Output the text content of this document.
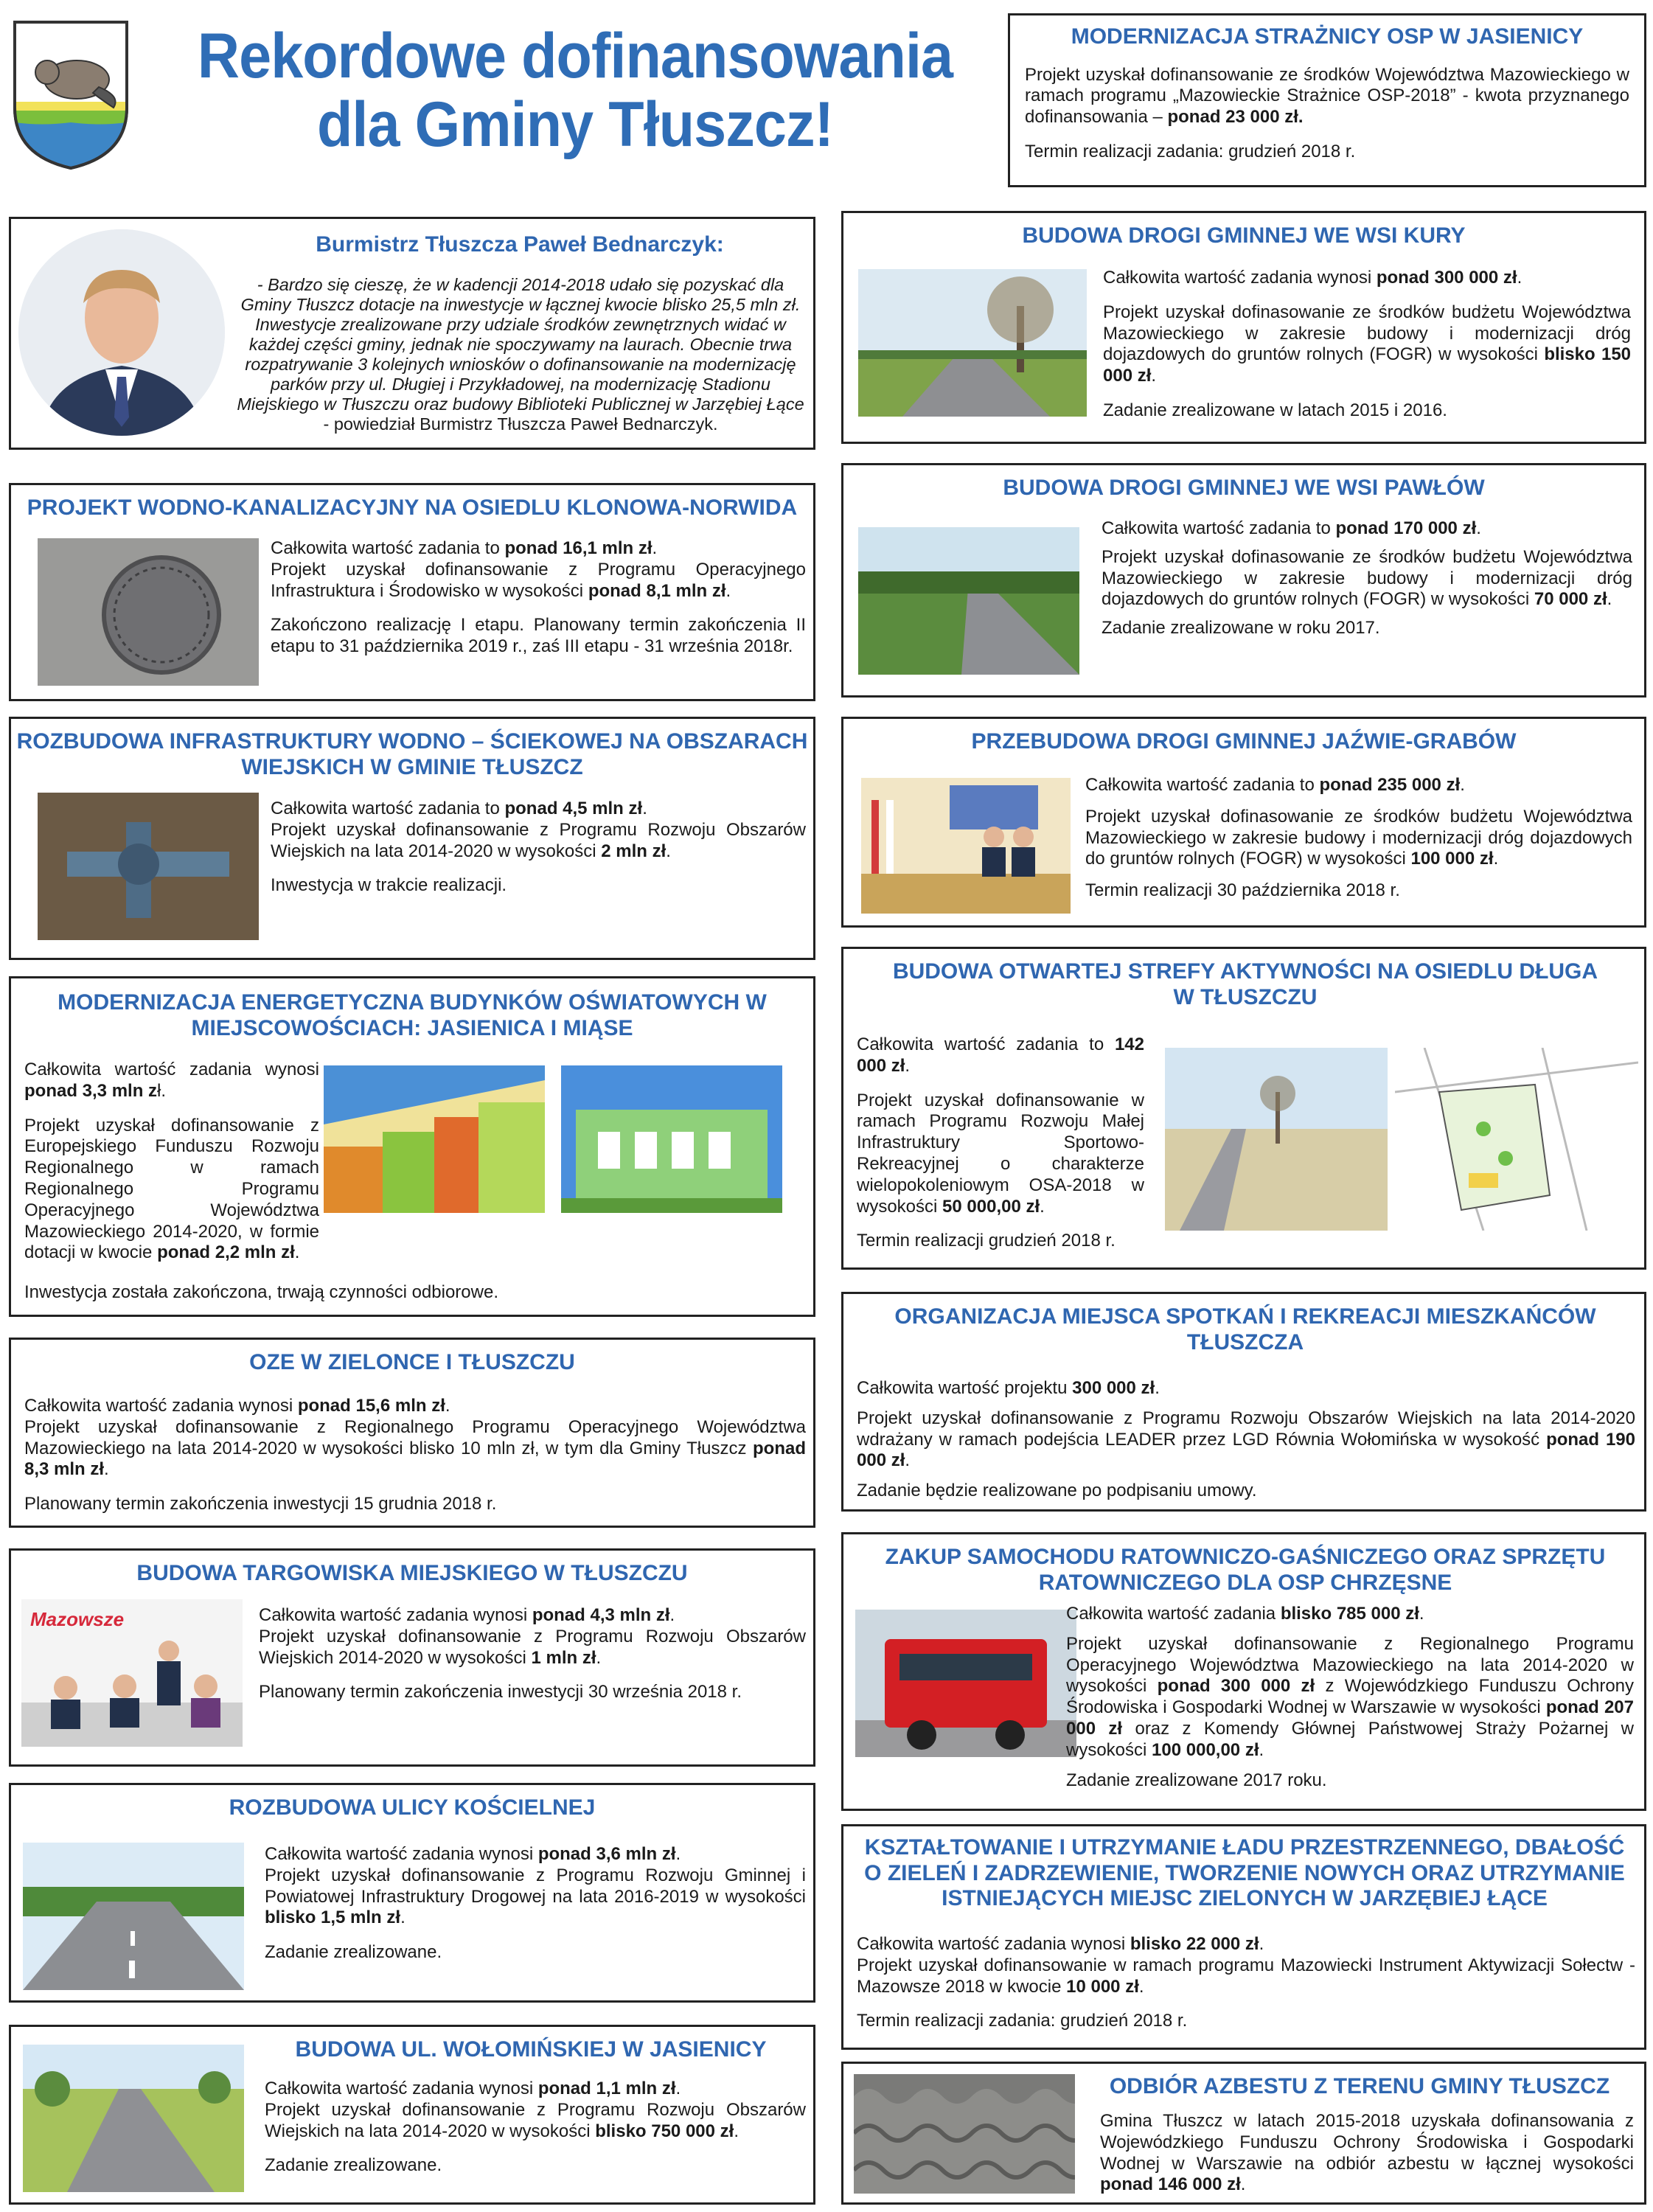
Rekordowe dofinansowania
dla Gminy Tłuszcz!
MODERNIZACJA STRAŻNICY OSP W JASIENICY

Projekt uzyskał dofinansowanie ze środków Województwa Mazowieckiego w ramach programu „Mazowieckie Strażnice OSP-2018” - kwota przyznanego dofinansowania – ponad 23 000 zł.

Termin realizacji zadania: grudzień 2018 r.

Burmistrz Tłuszcza Paweł Bednarczyk:
- Bardzo się cieszę, że w kadencji 2014-2018 udało się pozyskać dla Gminy Tłuszcz dotacje na inwestycje w łącznej kwocie blisko 25,5 mln zł. Inwestycje zrealizowane przy udziale środków zewnętrznych widać w każdej części gminy, jednak nie spoczywamy na laurach. Obecnie trwa rozpatrywanie 3 kolejnych wniosków o dofinansowanie na modernizację parków przy ul. Długiej i Przykładowej, na modernizację Stadionu Miejskiego w Tłuszczu oraz budowy Biblioteki Publicznej w Jarzębiej Łące - powiedział Burmistrz Tłuszcza Paweł Bednarczyk.
BUDOWA DROGI GMINNEJ WE WSI KURY

Całkowita wartość zadania wynosi ponad 300 000 zł.

Projekt uzyskał dofinasowanie ze środków budżetu Województwa Mazowieckiego w zakresie budowy i modernizacji dróg dojazdowych do gruntów rolnych (FOGR) w wysokości blisko 150 000 zł.

Zadanie zrealizowane w latach 2015 i 2016.

PROJEKT WODNO-KANALIZACYJNY NA OSIEDLU KLONOWA-NORWIDA

Całkowita wartość zadania to ponad 16,1 mln zł.
Projekt uzyskał dofinansowanie z Programu Operacyjnego Infrastruktura i Środowisko w wysokości ponad 8,1 mln zł.

Zakończono realizację I etapu. Planowany termin zakończenia II etapu to 31 października 2019 r., zaś III etapu - 31 września 2018r.

BUDOWA DROGI GMINNEJ WE WSI PAWŁÓW

Całkowita wartość zadania to ponad 170 000 zł.

Projekt uzyskał dofinasowanie ze środków budżetu Województwa Mazowieckiego w zakresie budowy i modernizacji dróg dojazdowych do gruntów rolnych (FOGR) w wysokości 70 000 zł.

Zadanie zrealizowane w roku 2017.

ROZBUDOWA INFRASTRUKTURY WODNO – ŚCIEKOWEJ NA OBSZARACH WIEJSKICH W GMINIE TŁUSZCZ

Całkowita wartość zadania to ponad 4,5 mln zł.
Projekt uzyskał dofinansowanie z Programu Rozwoju Obszarów Wiejskich na lata 2014-2020 w wysokości 2 mln zł.

Inwestycja w trakcie realizacji.

PRZEBUDOWA DROGI GMINNEJ JAŹWIE-GRABÓW

Całkowita wartość zadania to ponad 235 000 zł.

Projekt uzyskał dofinasowanie ze środków budżetu Województwa Mazowieckiego w zakresie budowy i modernizacji dróg dojazdowych do gruntów rolnych (FOGR) w wysokości 100 000 zł.

Termin realizacji 30 października 2018 r.

MODERNIZACJA ENERGETYCZNA BUDYNKÓW OŚWIATOWYCH W MIEJSCOWOŚCIACH: JASIENICA I MIĄSE

Całkowita wartość zadania wynosi ponad 3,3 mln zł.

Projekt uzyskał dofinansowanie z Europejskiego Funduszu Rozwoju Regionalnego w ramach Regionalnego Programu Operacyjnego Województwa Mazowieckiego 2014-2020, w formie dotacji w kwocie ponad 2,2 mln zł.

Inwestycja została zakończona, trwają czynności odbiorowe.
BUDOWA OTWARTEJ STREFY AKTYWNOŚCI NA OSIEDLU DŁUGA W TŁUSZCZU

Całkowita wartość zadania to 142 000 zł.

Projekt uzyskał dofinansowanie w ramach Programu Rozwoju Małej Infrastruktury Sportowo-Rekreacyjnej o charakterze wielopokoleniowym OSA-2018 w wysokości 50 000,00 zł.

Termin realizacji grudzień 2018 r.

OZE W ZIELONCE I TŁUSZCZU

Całkowita wartość zadania wynosi ponad 15,6 mln zł.
Projekt uzyskał dofinansowanie z Regionalnego Programu Operacyjnego Województwa Mazowieckiego na lata 2014-2020 w wysokości blisko 10 mln zł, w tym dla Gminy Tłuszcz ponad 8,3 mln zł.

Planowany termin zakończenia inwestycji 15 grudnia 2018 r.

ORGANIZACJA MIEJSCA SPOTKAŃ I REKREACJI MIESZKAŃCÓW TŁUSZCZA

Całkowita wartość projektu 300 000 zł.

Projekt uzyskał dofinansowanie z Programu Rozwoju Obszarów Wiejskich na lata 2014-2020 wdrażany w ramach podejścia LEADER przez LGD Równia Wołomińska w wysokość ponad 190 000 zł.

Zadanie będzie realizowane po podpisaniu umowy.

BUDOWA TARGOWISKA MIEJSKIEGO W TŁUSZCZU
Mazowsze	Całkowita wartość zadania wynosi ponad 4,3 mln zł.
Projekt uzyskał dofinansowanie z Programu Rozwoju Obszarów Wiejskich 2014-2020 w wysokości 1 mln zł.

Planowany termin zakończenia inwestycji 30 września 2018 r.

ZAKUP SAMOCHODU RATOWNICZO-GAŚNICZEGO ORAZ SPRZĘTU RATOWNICZEGO DLA OSP CHRZĘSNE

Całkowita wartość zadania blisko 785 000 zł.

Projekt uzyskał dofinansowanie z Regionalnego Programu Operacyjnego Województwa Mazowieckiego na lata 2014-2020 w wysokości ponad 300 000 zł z Wojewódzkiego Funduszu Ochrony Środowiska i Gospodarki Wodnej w Warszawie w wysokości ponad 207 000 zł oraz z Komendy Głównej Państwowej Straży Pożarnej w wysokości 100 000,00 zł.

Zadanie zrealizowane 2017 roku.

ROZBUDOWA ULICY KOŚCIELNEJ

Całkowita wartość zadania wynosi ponad 3,6 mln zł.
Projekt uzyskał dofinansowanie z Programu Rozwoju Gminnej i Powiatowej Infrastruktury Drogowej na lata 2016-2019 w wysokości blisko 1,5 mln zł.

Zadanie zrealizowane.

KSZTAŁTOWANIE I UTRZYMANIE ŁADU PRZESTRZENNEGO, DBAŁOŚĆ O ZIELEŃ I ZADRZEWIENIE, TWORZENIE NOWYCH ORAZ UTRZYMANIE ISTNIEJĄCYCH MIEJSC ZIELONYCH W JARZĘBIEJ ŁĄCE

Całkowita wartość zadania wynosi blisko 22 000 zł.
Projekt uzyskał dofinansowanie w ramach programu Mazowiecki Instrument Aktywizacji Sołectw - Mazowsze 2018 w kwocie 10 000 zł.

Termin realizacji zadania: grudzień 2018 r.

BUDOWA UL. WOŁOMIŃSKIEJ W JASIENICY

Całkowita wartość zadania wynosi ponad 1,1 mln zł.
Projekt uzyskał dofinansowanie z Programu Rozwoju Obszarów Wiejskich na lata 2014-2020 w wysokości blisko 750 000 zł.

Zadanie zrealizowane.

ODBIÓR AZBESTU Z TERENU GMINY TŁUSZCZ

Gmina Tłuszcz w latach 2015-2018 uzyskała dofinansowania z Wojewódzkiego Funduszu Ochrony Środowiska i Gospodarki Wodnej w Warszawie na odbiór azbestu w łącznej wysokości ponad 146 000 zł.
